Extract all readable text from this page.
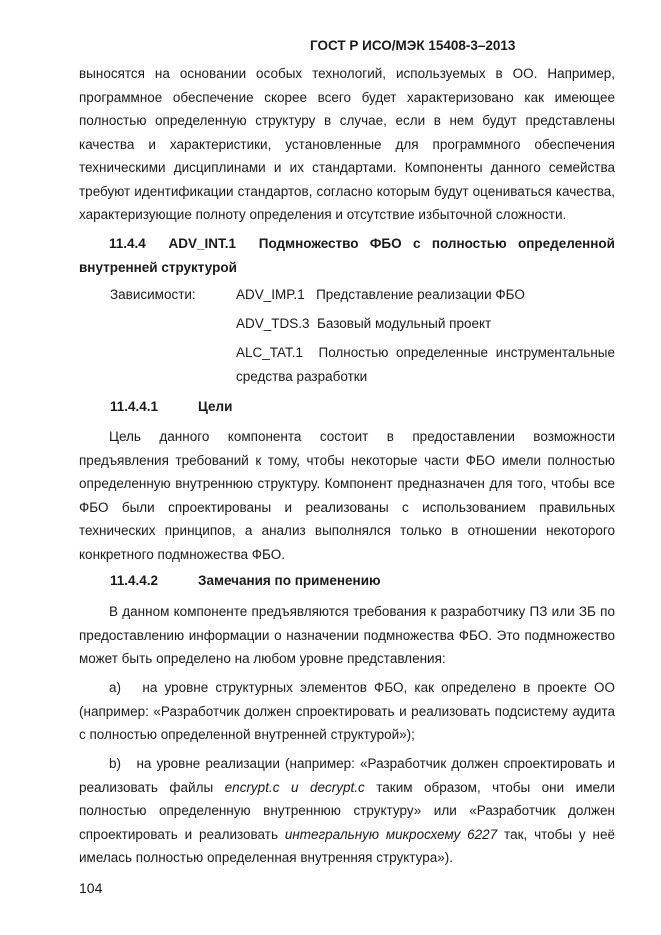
ГОСТ Р ИСО/МЭК 15408-3–2013
выносятся на основании особых технологий, используемых в ОО. Например, программное обеспечение скорее всего будет характеризовано как имеющее полностью определенную структуру в случае, если в нем будут представлены качества и характеристики, установленные для программного обеспечения техническими дисциплинами и их стандартами. Компоненты данного семейства требуют идентификации стандартов, согласно которым будут оцениваться качества, характеризующие полноту определения и отсутствие избыточной сложности.
11.4.4 ADV_INT.1 Подмножество ФБО с полностью определенной внутренней структурой
Зависимости:	ADV_IMP.1 Представление реализации ФБО
ADV_TDS.3 Базовый модульный проект
ALC_TAT.1 Полностью определенные инструментальные средства разработки
11.4.4.1	Цели
Цель данного компонента состоит в предоставлении возможности предъявления требований к тому, чтобы некоторые части ФБО имели полностью определенную внутреннюю структуру. Компонент предназначен для того, чтобы все ФБО были спроектированы и реализованы с использованием правильных технических принципов, а анализ выполнялся только в отношении некоторого конкретного подмножества ФБО.
11.4.4.2	Замечания по применению
В данном компоненте предъявляются требования к разработчику ПЗ или ЗБ по предоставлению информации о назначении подмножества ФБО. Это подмножество может быть определено на любом уровне представления:
а) на уровне структурных элементов ФБО, как определено в проекте ОО (например: «Разработчик должен спроектировать и реализовать подсистему аудита с полностью определенной внутренней структурой»);
b) на уровне реализации (например: «Разработчик должен спроектировать и реализовать файлы encrypt.c и decrypt.c таким образом, чтобы они имели полностью определенную внутреннюю структуру» или «Разработчик должен спроектировать и реализовать интегральную микросхему 6227 так, чтобы у неё имелась полностью определенная внутренняя структура»).
104
